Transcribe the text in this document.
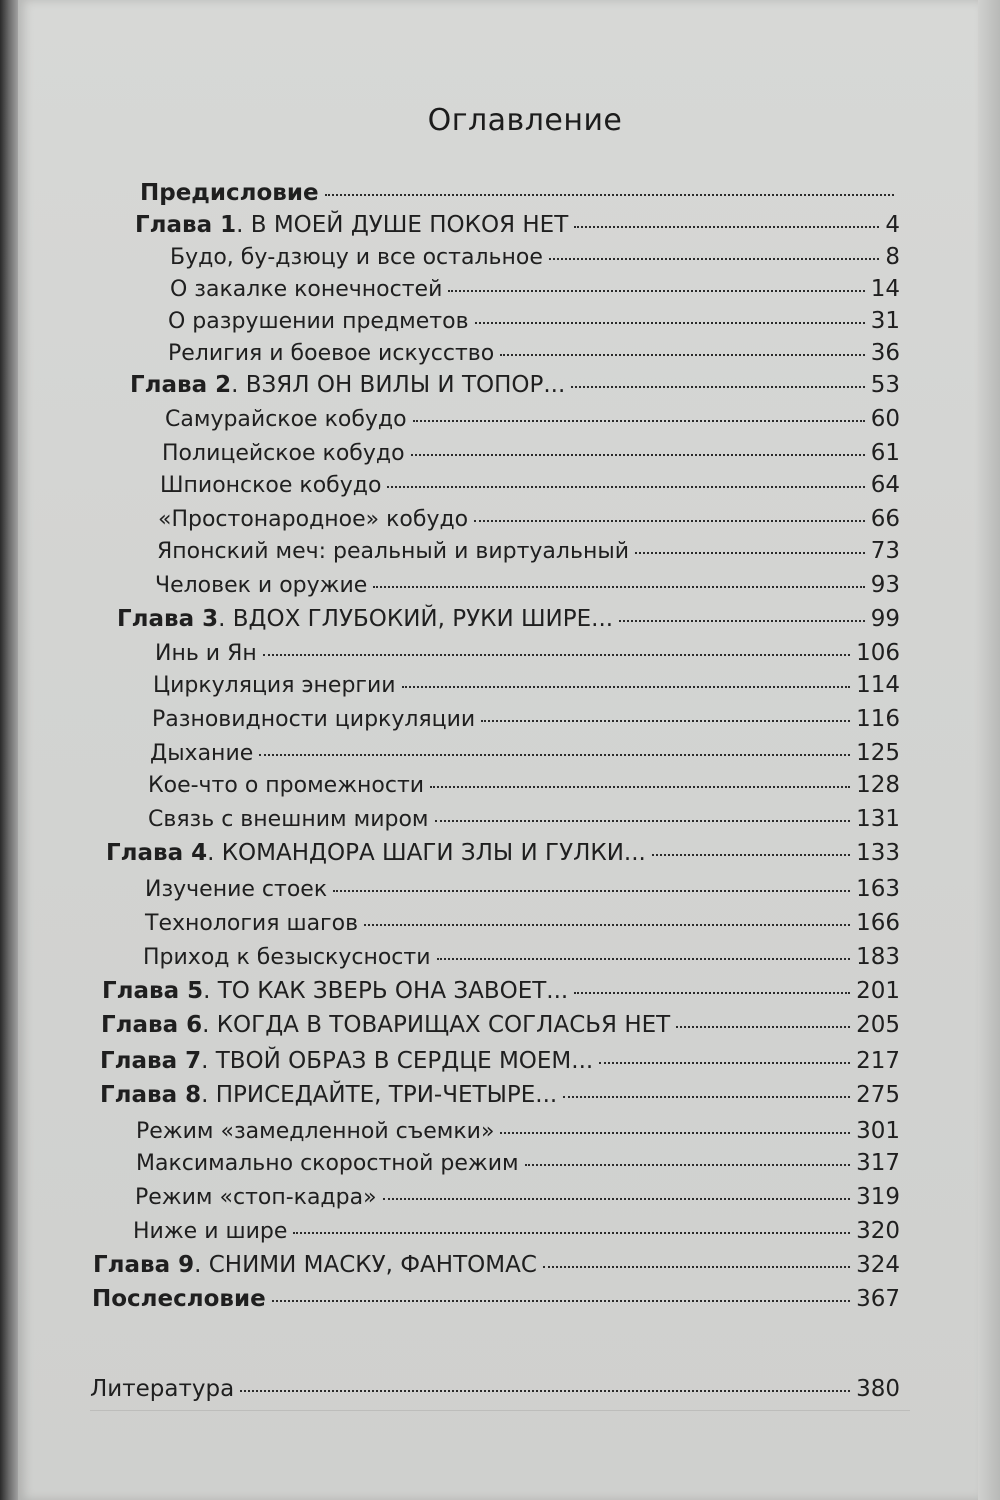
Оглавление
Предисловие
Глава 1. В МОЕЙ ДУШЕ ПОКОЯ НЕТ	4
Будо, бу-дзюцу и все остальное	8
О закалке конечностей	14
О разрушении предметов	31
Религия и боевое искусство	36
Глава 2. ВЗЯЛ ОН ВИЛЫ И ТОПОР...	53
Самурайское кобудо	60
Полицейское кобудо	61
Шпионское кобудо	64
«Простонародное» кобудо	66
Японский меч: реальный и виртуальный	73
Человек и оружие	93
Глава 3. ВДОХ ГЛУБОКИЙ, РУКИ ШИРЕ...	99
Инь и Ян	106
Циркуляция энергии	114
Разновидности циркуляции	116
Дыхание	125
Кое-что о промежности	128
Связь с внешним миром	131
Глава 4. КОМАНДОРА ШАГИ ЗЛЫ И ГУЛКИ...	133
Изучение стоек	163
Технология шагов	166
Приход к безыскусности	183
Глава 5. ТО КАК ЗВЕРЬ ОНА ЗАВОЕТ...	201
Глава 6. КОГДА В ТОВАРИЩАХ СОГЛАСЬЯ НЕТ	205
Глава 7. ТВОЙ ОБРАЗ В СЕРДЦЕ МОЕМ...	217
Глава 8. ПРИСЕДАЙТЕ, ТРИ-ЧЕТЫРЕ...	275
Режим «замедленной съемки»	301
Максимально скоростной режим	317
Режим «стоп-кадра»	319
Ниже и шире	320
Глава 9. СНИМИ МАСКУ, ФАНТОМАС	324
Послесловие	367
Литература	380
